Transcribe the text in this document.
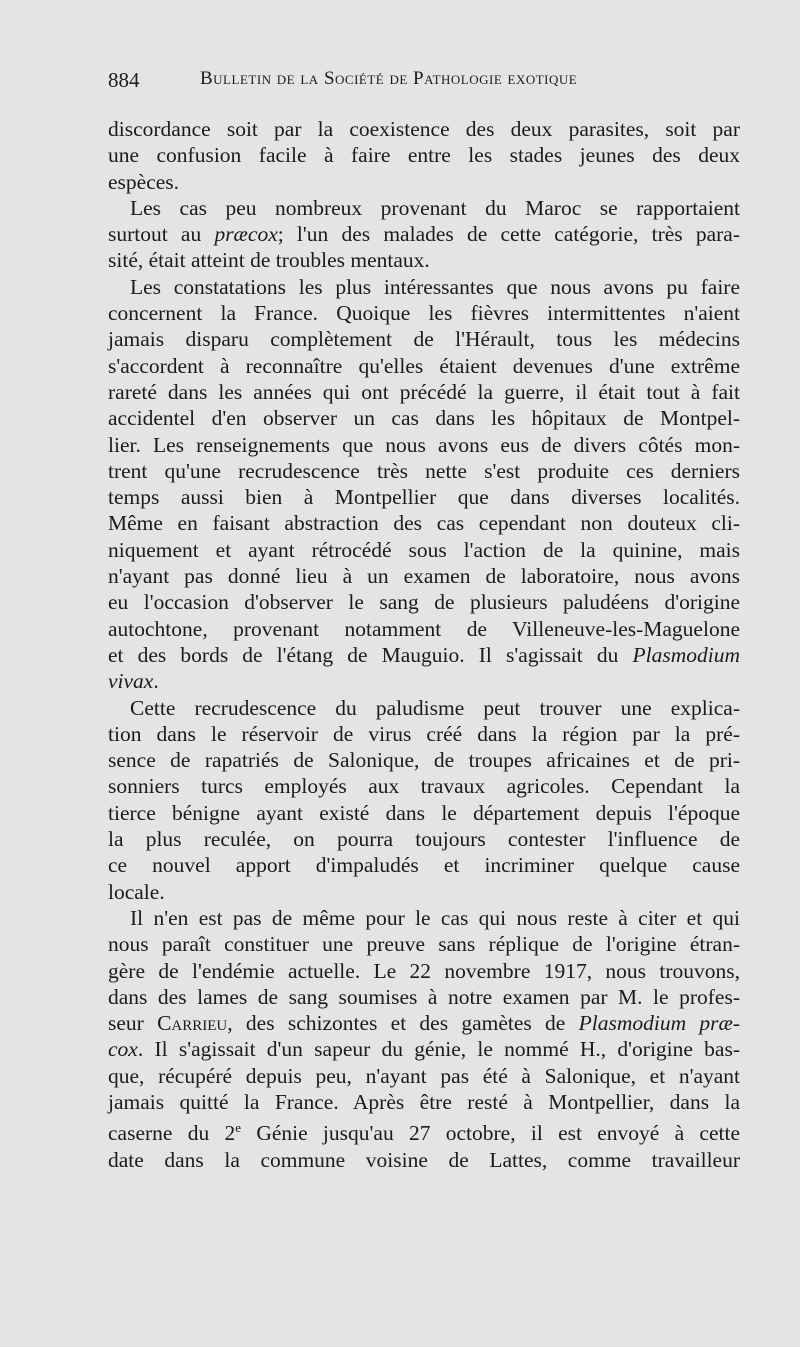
884	Bulletin de la Société de Pathologie exotique
discordance soit par la coexistence des deux parasites, soit par
une confusion facile à faire entre les stades jeunes des deux
espèces.
Les cas peu nombreux provenant du Maroc se rapportaient
surtout au præcox; l'un des malades de cette catégorie, très para-
sité, était atteint de troubles mentaux.
Les constatations les plus intéressantes que nous avons pu faire
concernent la France. Quoique les fièvres intermittentes n'aient
jamais disparu complètement de l'Hérault, tous les médecins
s'accordent à reconnaître qu'elles étaient devenues d'une extrême
rareté dans les années qui ont précédé la guerre, il était tout à fait
accidentel d'en observer un cas dans les hôpitaux de Montpel-
lier. Les renseignements que nous avons eus de divers côtés mon-
trent qu'une recrudescence très nette s'est produite ces derniers
temps aussi bien à Montpellier que dans diverses localités.
Même en faisant abstraction des cas cependant non douteux cli-
niquement et ayant rétrocédé sous l'action de la quinine, mais
n'ayant pas donné lieu à un examen de laboratoire, nous avons
eu l'occasion d'observer le sang de plusieurs paludéens d'origine
autochtone, provenant notamment de Villeneuve-les-Maguelone
et des bords de l'étang de Mauguio. Il s'agissait du Plasmodium
vivax.
Cette recrudescence du paludisme peut trouver une explica-
tion dans le réservoir de virus créé dans la région par la pré-
sence de rapatriés de Salonique, de troupes africaines et de pri-
sonniers turcs employés aux travaux agricoles. Cependant la
tierce bénigne ayant existé dans le département depuis l'époque
la plus reculée, on pourra toujours contester l'influence de
ce nouvel apport d'impaludés et incriminer quelque cause
locale.
Il n'en est pas de même pour le cas qui nous reste à citer et qui
nous paraît constituer une preuve sans réplique de l'origine étran-
gère de l'endémie actuelle. Le 22 novembre 1917, nous trouvons,
dans des lames de sang soumises à notre examen par M. le profes-
seur Carrieu, des schizontes et des gamètes de Plasmodium præ-
cox. Il s'agissait d'un sapeur du génie, le nommé H., d'origine bas-
que, récupéré depuis peu, n'ayant pas été à Salonique, et n'ayant
jamais quitté la France. Après être resté à Montpellier, dans la
caserne du 2e Génie jusqu'au 27 octobre, il est envoyé à cette
date dans la commune voisine de Lattes, comme travailleur
